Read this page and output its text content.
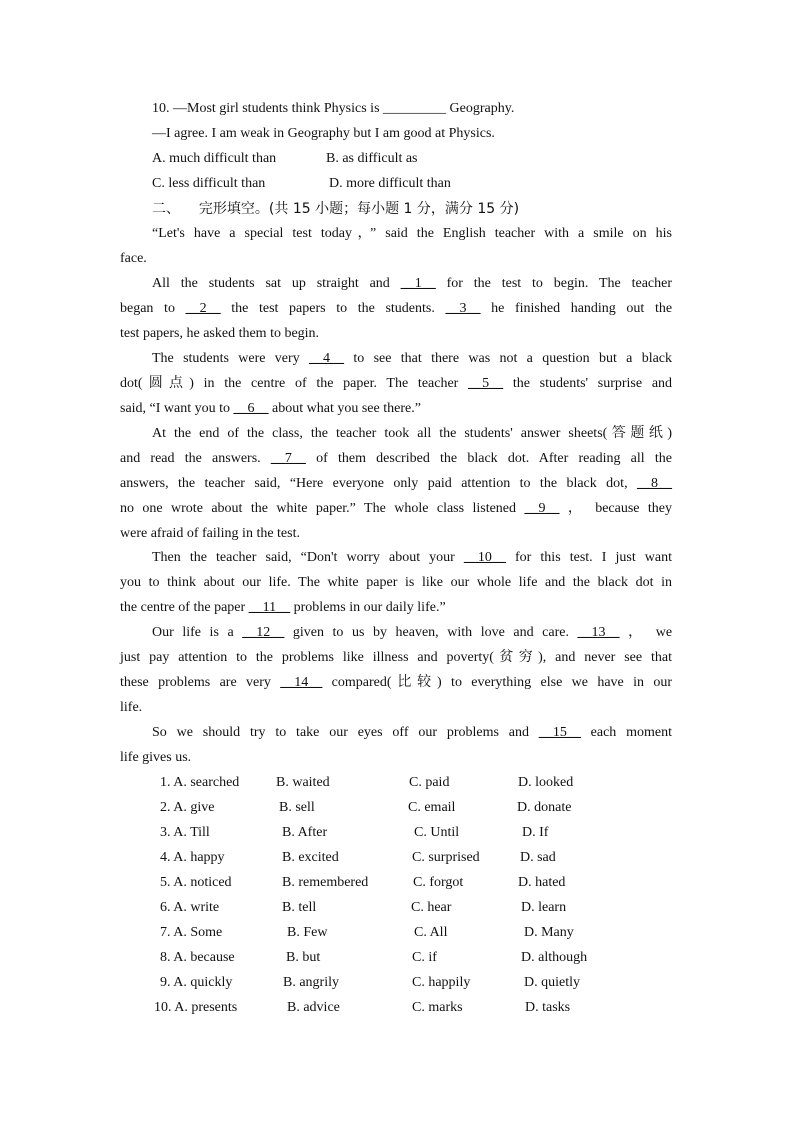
10. —Most girl students think Physics is _________ Geography.
—I agree. I am weak in Geography but I am good at Physics.
A. much difficult than	B. as difficult as
C. less difficult than	D. more difficult than
二、 完形填空。(共 15 小题；每小题 1 分，满分 15 分)
“Let's have a special test today，” said the English teacher with a smile on his
face.
All the students sat up straight and __1__ for the test to begin. The teacher
began to __2__ the test papers to the students. __3__ he finished handing out the
test papers, he asked them to begin.
The students were very __4__ to see that there was not a question but a black
dot(圆点) in the centre of the paper. The teacher __5__ the students' surprise and
said, “I want you to __6__ about what you see there.”
At the end of the class, the teacher took all the students' answer sheets(答题纸)
and read the answers. __7__ of them described the black dot. After reading all the
answers, the teacher said, “Here everyone only paid attention to the black dot, __8__
no one wrote about the white paper.” The whole class listened __9__ ， because they
were afraid of failing in the test.
Then the teacher said, “Don't worry about your __10__ for this test. I just want
you to think about our life. The white paper is like our whole life and the black dot in
the centre of the paper __11__ problems in our daily life.”
Our life is a __12__ given to us by heaven, with love and care. __13__ ， we
just pay attention to the problems like illness and poverty(贫穷), and never see that
these problems are very __14__ compared(比较) to everything else we have in our
life.
So we should try to take our eyes off our problems and __15__ each moment
life gives us.
1. A. searched	B. waited	C. paid	D. looked
2. A. give	B. sell	C. email	D. donate
3. A. Till	B. After	C. Until	D. If
4. A. happy	B. excited	C. surprised	D. sad
5. A. noticed	B. remembered	C. forgot	D. hated
6. A. write	B. tell	C. hear	D. learn
7. A. Some	B. Few	C. All	D. Many
8. A. because	B. but	C. if	D. although
9. A. quickly	B. angrily	C. happily	D. quietly
10. A. presents	B. advice	C. marks	D. tasks
